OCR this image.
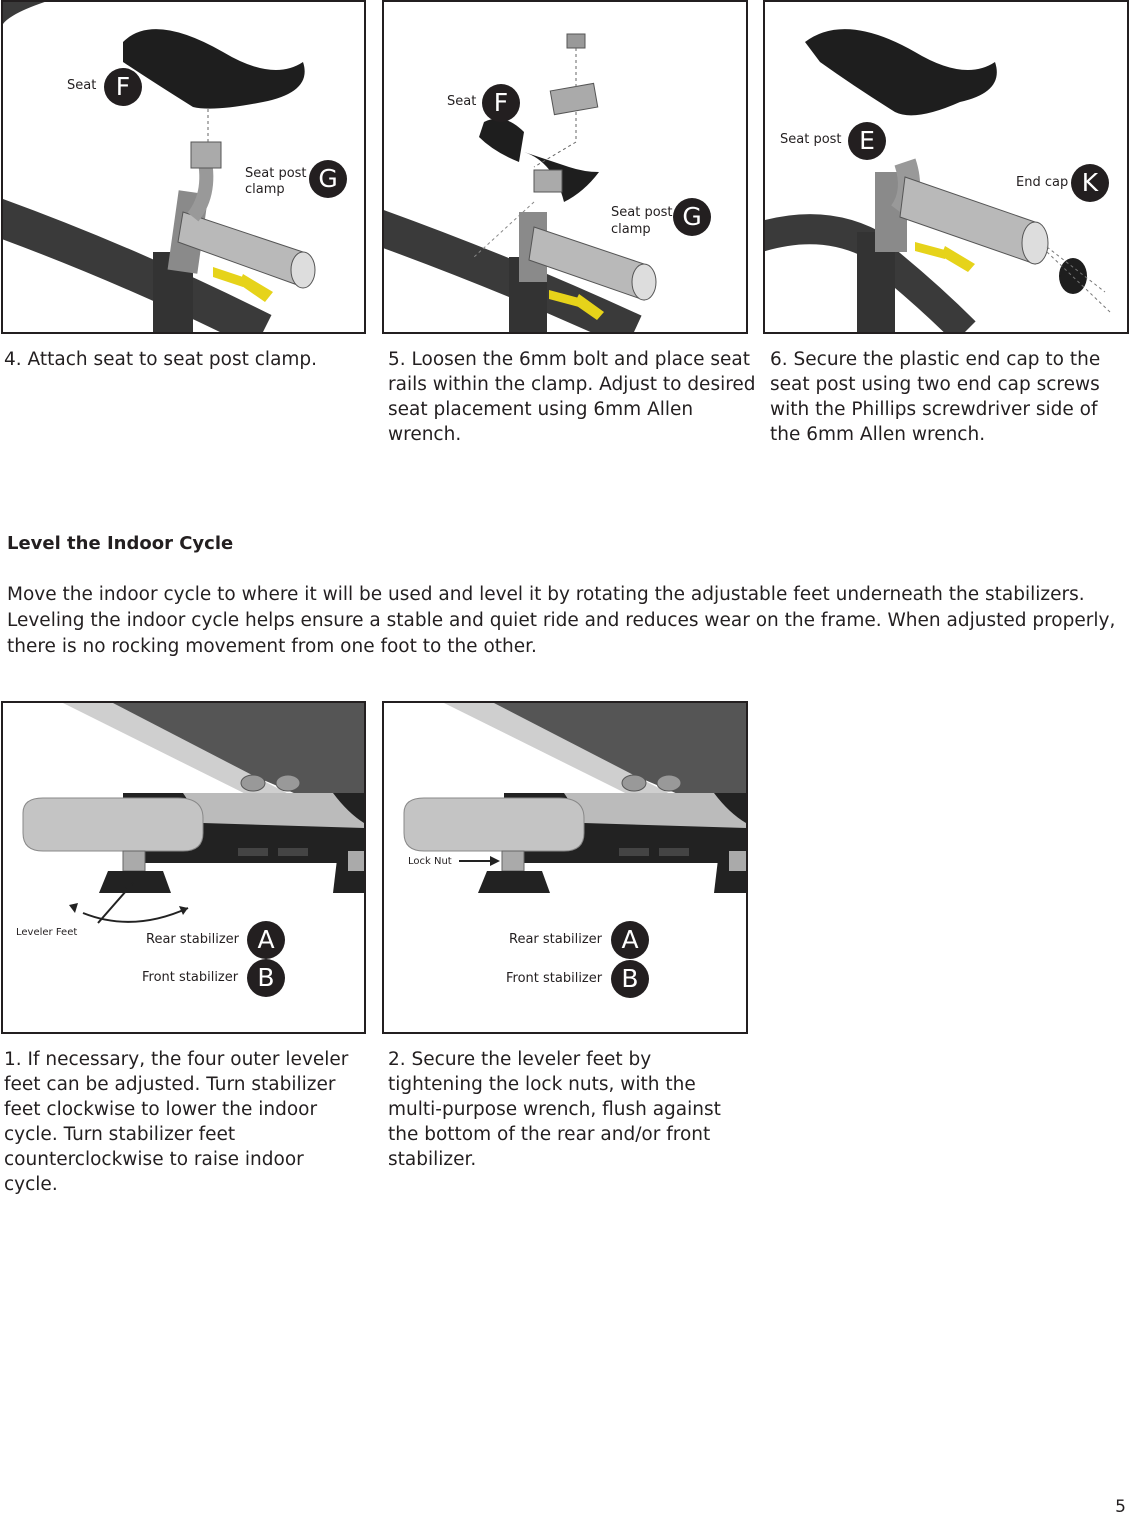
Seat F
Seat post
clamp	G
Seat F
Seat post
clamp	G
Seat post E
End cap K
4. Attach seat to seat post clamp.	5. Loosen the 6mm bolt and place seat rails within the clamp. Adjust to desired seat placement using 6mm Allen wrench.
6. Secure the plastic end cap to the seat post using two end cap screws with the Phillips screwdriver side of the 6mm Allen wrench.
Level the Indoor Cycle
Move the indoor cycle to where it will be used and level it by rotating the adjustable feet underneath the stabilizers. Leveling the indoor cycle helps ensure a stable and quiet ride and reduces wear on the frame. When adjusted properly, there is no rocking movement from one foot to the other.
Leveler Feet	Rear stabilizer A
Front stabilizer B
Lock Nut
Rear stabilizer A
Front stabilizer B
1. If necessary, the four outer leveler feet can be adjusted. Turn stabilizer feet clockwise to lower the indoor cycle. Turn stabilizer feet counterclockwise to raise indoor cycle.
2. Secure the leveler feet by tightening the lock nuts, with the multi-purpose wrench, flush against the bottom of the rear and/or front stabilizer.
5
